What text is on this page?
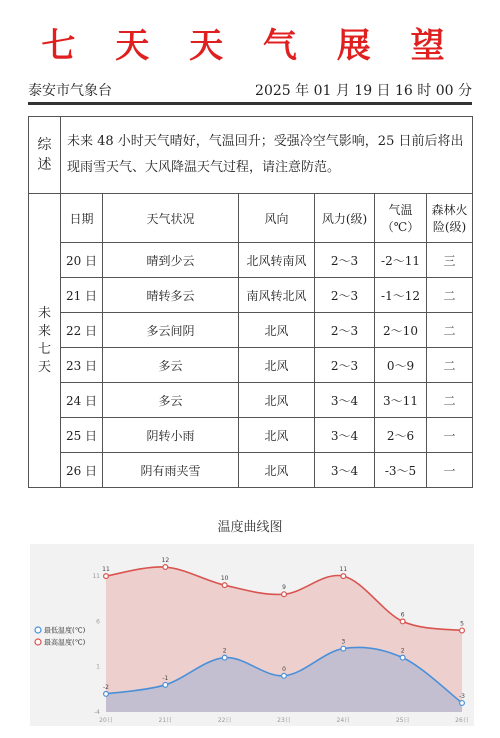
七 天 天 气 展 望
泰安市气象台	2025 年 01 月 19 日 16 时 00 分
综 述	未来 48 小时天气晴好，气温回升；受强冷空气影响，25 日前后将出现雨雪天气、大风降温天气过程，请注意防范。					

未 来 七 天	日期	天气状况	风向	风力(级)	气温（℃）	森林火险(级)
	20 日	晴到少云	北风转南风	2～3	-2～11	三
	21 日	晴转多云	南风转北风	2～3	-1～12	二
	22 日	多云间阴	北风	2～3	2～10	二
	23 日	多云	北风	2～3	0～9	二
	24 日	多云	北风	3～4	3～11	二
	25 日	阴转小雨	北风	3～4	2～6	一
	26 日	阴有雨夹雪	北风	3～4	-3～5	一
温度曲线图
11
6
1
-4
20日	21日	22日	23日	24日	25日	26日
11
12
10
9
11
6
5
-2
-1
2
0
3
2
-3
最低温度(℃)
最高温度(℃)
